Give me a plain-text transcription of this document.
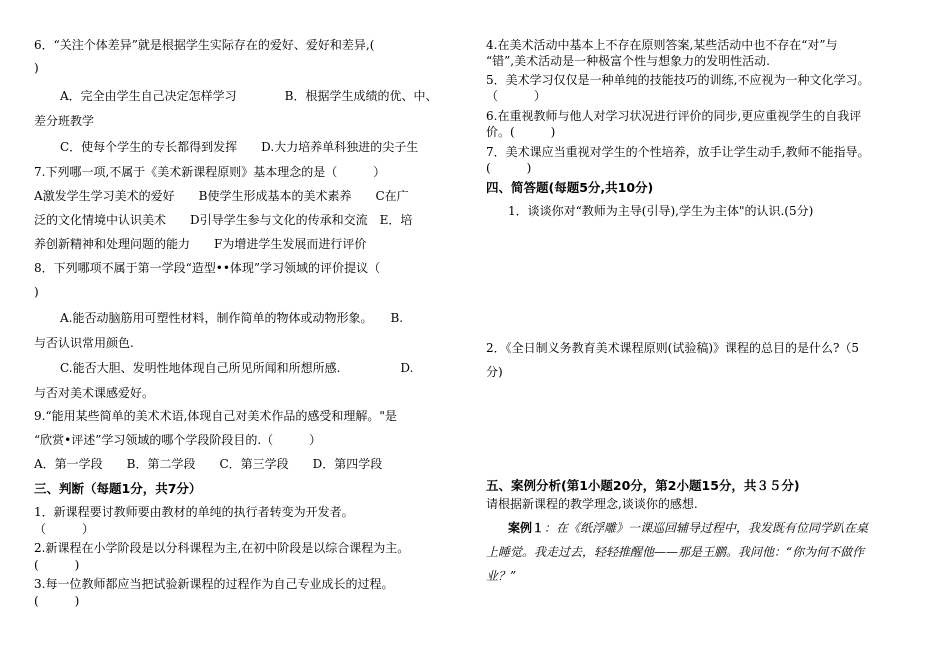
6．“关注个体差异”就是根据学生实际存在的爱好、爱好和差异,(
)
A．完全由学生自己决定怎样学习　　　　B．根据学生成绩的优、中、
差分班教学
C．使每个学生的专长都得到发挥　　D.大力培养单科独进的尖子生
7.下列哪一项,不属于《美术新课程原则》基本理念的是（　　　）
A激发学生学习美术的爱好　　B使学生形成基本的美术素养　　C在广
泛的文化情境中认识美术　　D引导学生参与文化的传承和交流　E．培
养创新精神和处理问题的能力　　F为增进学生发展而进行评价
8．下列哪项不属于第一学段“造型••体现”学习领域的评价提议（
)
A.能否动脑筋用可塑性材料，制作简单的物体或动物形象。　　B.
与否认识常用颜色.
C.能否大胆、发明性地体现自己所见所闻和所想所感.　　　　　D.
与否对美术课感爱好。
9.“能用某些简单的美术术语,体现自己对美术作品的感受和理解。"是
“欣赏•评述”学习领域的哪个学段阶段目的.（　　　）
A．第一学段　　B．第二学段　　C．第三学段　　D．第四学段
三、判断（每题1分，共7分）
1．新课程要讨教师要由教材的单纯的执行者转变为开发者。
（　　　）
2.新课程在小学阶段是以分科课程为主,在初中阶段是以综合课程为主。
(　　　)
3.每一位教师都应当把试验新课程的过程作为自己专业成长的过程。
(　　　)
4.在美术活动中基本上不存在原则答案,某些活动中也不存在“对”与
“错”,美术活动是一种极富个性与想象力的发明性活动.
5．美术学习仅仅是一种单纯的技能技巧的训练,不应视为一种文化学习。
（　　　）
6.在重视教师与他人对学习状况进行评价的同步,更应重视学生的自我评
价。(　　　)
7．美术课应当重视对学生的个性培养，放手让学生动手,教师不能指导。
(　　　)
四、简答题(每题5分,共10分)
1．谈谈你对“教师为主导(引导),学生为主体"的认识.(5分)
2．《全日制义务教育美术课程原则(试验稿)》课程的总目的是什么?（5
分)
五、案例分析(第1小题20分，第2小题15分，共３５分)
请根据新课程的教学理念,谈谈你的感想.
案例１：在《纸浮雕》一课巡回辅导过程中，我发既有位同学趴在桌
上睡觉。我走过去，轻轻推醒他——那是王鹏。我问他：“你为何不做作
业？”
